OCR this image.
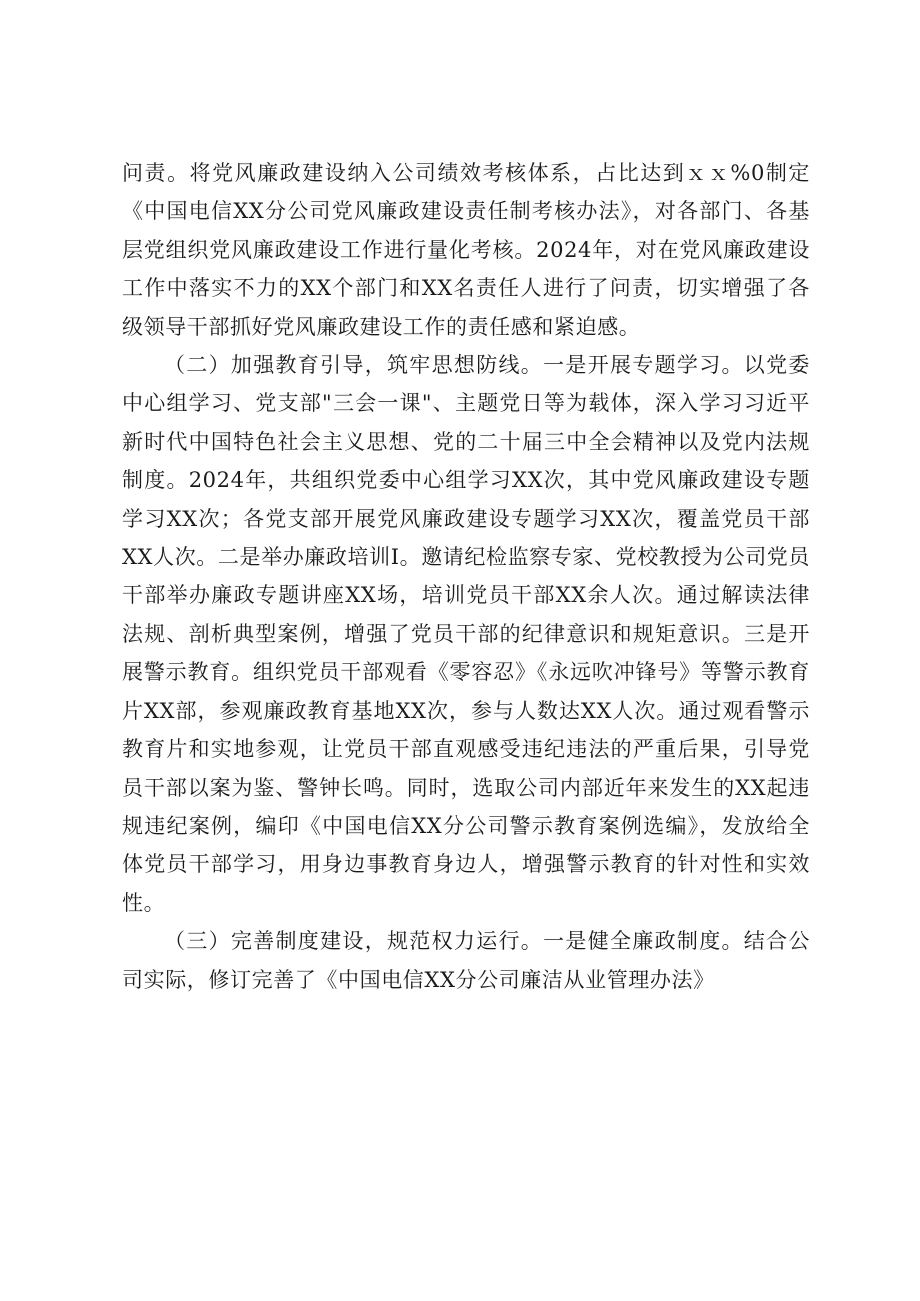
问责。将党风廉政建设纳入公司绩效考核体系，占比达到ｘｘ%0制定《中国电信XX分公司党风廉政建设责任制考核办法》，对各部门、各基层党组织党风廉政建设工作进行量化考核。2024年，对在党风廉政建设工作中落实不力的XX个部门和XX名责任人进行了问责，切实增强了各级领导干部抓好党风廉政建设工作的责任感和紧迫感。

（二）加强教育引导，筑牢思想防线。一是开展专题学习。以党委中心组学习、党支部"三会一课"、主题党日等为载体，深入学习习近平新时代中国特色社会主义思想、党的二十届三中全会精神以及党内法规制度。2024年，共组织党委中心组学习XX次，其中党风廉政建设专题学习XX次；各党支部开展党风廉政建设专题学习XX次，覆盖党员干部XX人次。二是举办廉政培训I。邀请纪检监察专家、党校教授为公司党员干部举办廉政专题讲座XX场，培训党员干部XX余人次。通过解读法律法规、剖析典型案例，增强了党员干部的纪律意识和规矩意识。三是开展警示教育。组织党员干部观看《零容忍》《永远吹冲锋号》等警示教育片XX部，参观廉政教育基地XX次，参与人数达XX人次。通过观看警示教育片和实地参观，让党员干部直观感受违纪违法的严重后果，引导党员干部以案为鉴、警钟长鸣。同时，选取公司内部近年来发生的XX起违规违纪案例，编印《中国电信XX分公司警示教育案例选编》，发放给全体党员干部学习，用身边事教育身边人，增强警示教育的针对性和实效性。

（三）完善制度建设，规范权力运行。一是健全廉政制度。结合公司实际，修订完善了《中国电信XX分公司廉洁从业管理办法》
